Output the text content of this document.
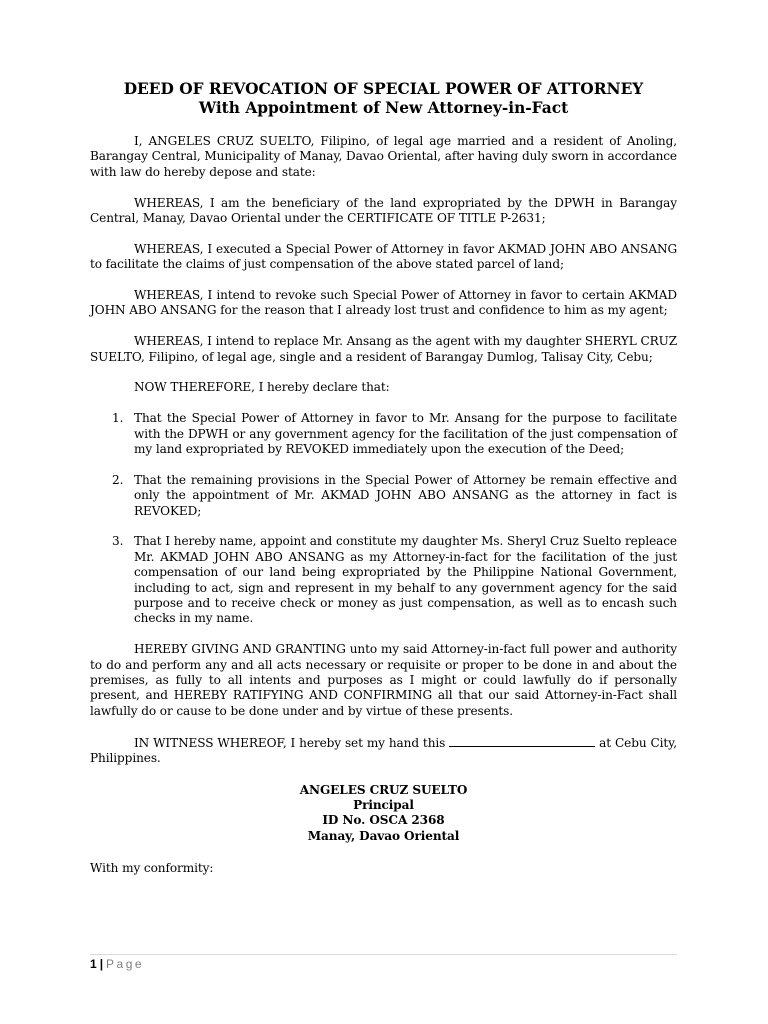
DEED OF REVOCATION OF SPECIAL POWER OF ATTORNEY
With Appointment of New Attorney-in-Fact

I, ANGELES CRUZ SUELTO, Filipino, of legal age married and a resident of Anoling, Barangay Central, Municipality of Manay, Davao Oriental, after having duly sworn in accordance with law do hereby depose and state:

WHEREAS, I am the beneficiary of the land expropriated by the DPWH in Barangay Central, Manay, Davao Oriental under the CERTIFICATE OF TITLE P-2631;

WHEREAS, I executed a Special Power of Attorney in favor AKMAD JOHN ABO ANSANG to facilitate the claims of just compensation of the above stated parcel of land;

WHEREAS, I intend to revoke such Special Power of Attorney in favor to certain AKMAD JOHN ABO ANSANG for the reason that I already lost trust and confidence to him as my agent;

WHEREAS, I intend to replace Mr. Ansang as the agent with my daughter SHERYL CRUZ SUELTO, Filipino, of legal age, single and a resident of Barangay Dumlog, Talisay City, Cebu;

NOW THEREFORE, I hereby declare that:

1. That the Special Power of Attorney in favor to Mr. Ansang for the purpose to facilitate with the DPWH or any government agency for the facilitation of the just compensation of my land expropriated by REVOKED immediately upon the execution of the Deed;
2. That the remaining provisions in the Special Power of Attorney be remain effective and only the appointment of Mr. AKMAD JOHN ABO ANSANG as the attorney in fact is REVOKED;
3. That I hereby name, appoint and constitute my daughter Ms. Sheryl Cruz Suelto repleace Mr. AKMAD JOHN ABO ANSANG as my Attorney-in-fact for the facilitation of the just compensation of our land being expropriated by the Philippine National Government, including to act, sign and represent in my behalf to any government agency for the said purpose and to receive check or money as just compensation, as well as to encash such checks in my name.

HEREBY GIVING AND GRANTING unto my said Attorney-in-fact full power and authority to do and perform any and all acts necessary or requisite or proper to be done in and about the premises, as fully to all intents and purposes as I might or could lawfully do if personally present, and HEREBY RATIFYING AND CONFIRMING all that our said Attorney-in-Fact shall lawfully do or cause to be done under and by virtue of these presents.

IN WITNESS WHEREOF, I hereby set my hand this	at Cebu City, Philippines.

ANGELES CRUZ SUELTO
Principal
ID No. OSCA 2368
Manay, Davao Oriental

With my conformity:

1 | Page
